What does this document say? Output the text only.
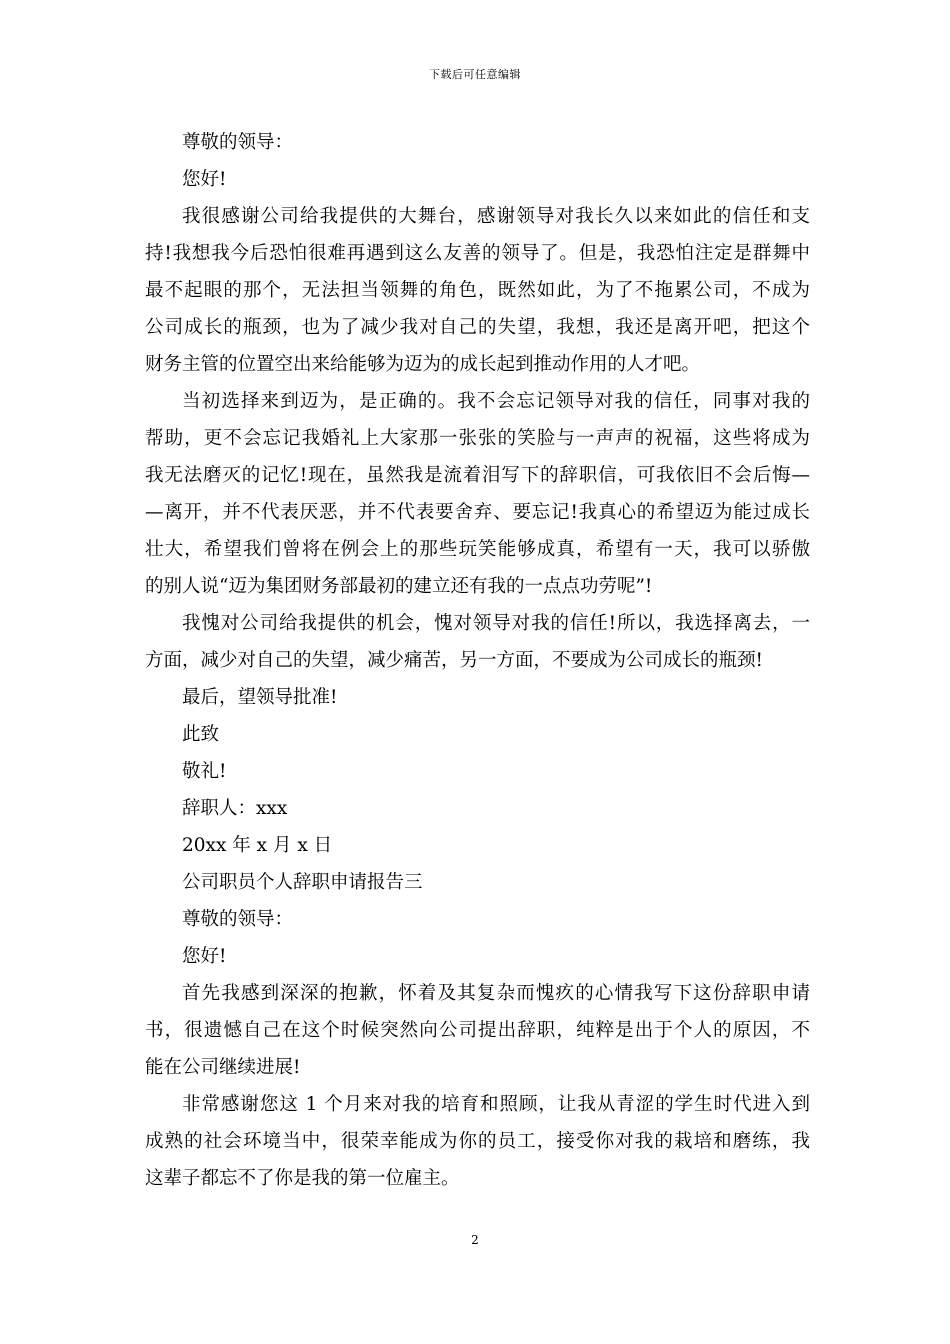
下载后可任意编辑
尊敬的领导：
您好!
我很感谢公司给我提供的大舞台，感谢领导对我长久以来如此的信任和支
持!我想我今后恐怕很难再遇到这么友善的领导了。但是，我恐怕注定是群舞中
最不起眼的那个，无法担当领舞的角色，既然如此，为了不拖累公司，不成为
公司成长的瓶颈，也为了减少我对自己的失望，我想，我还是离开吧，把这个
财务主管的位置空出来给能够为迈为的成长起到推动作用的人才吧。
当初选择来到迈为，是正确的。我不会忘记领导对我的信任，同事对我的
帮助，更不会忘记我婚礼上大家那一张张的笑脸与一声声的祝福，这些将成为
我无法磨灭的记忆!现在，虽然我是流着泪写下的辞职信，可我依旧不会后悔—
—离开，并不代表厌恶，并不代表要舍弃、要忘记!我真心的希望迈为能过成长
壮大，希望我们曾将在例会上的那些玩笑能够成真，希望有一天，我可以骄傲
的别人说“迈为集团财务部最初的建立还有我的一点点功劳呢”!
我愧对公司给我提供的机会，愧对领导对我的信任!所以，我选择离去，一
方面，减少对自己的失望，减少痛苦，另一方面，不要成为公司成长的瓶颈!
最后，望领导批准!
此致
敬礼!
辞职人：xxx
20xx 年 x 月 x 日
公司职员个人辞职申请报告三
尊敬的领导：
您好!
首先我感到深深的抱歉，怀着及其复杂而愧疚的心情我写下这份辞职申请
书，很遗憾自己在这个时候突然向公司提出辞职，纯粹是出于个人的原因，不
能在公司继续进展!
非常感谢您这 1 个月来对我的培育和照顾，让我从青涩的学生时代进入到
成熟的社会环境当中，很荣幸能成为你的员工，接受你对我的栽培和磨练，我
这辈子都忘不了你是我的第一位雇主。
2
